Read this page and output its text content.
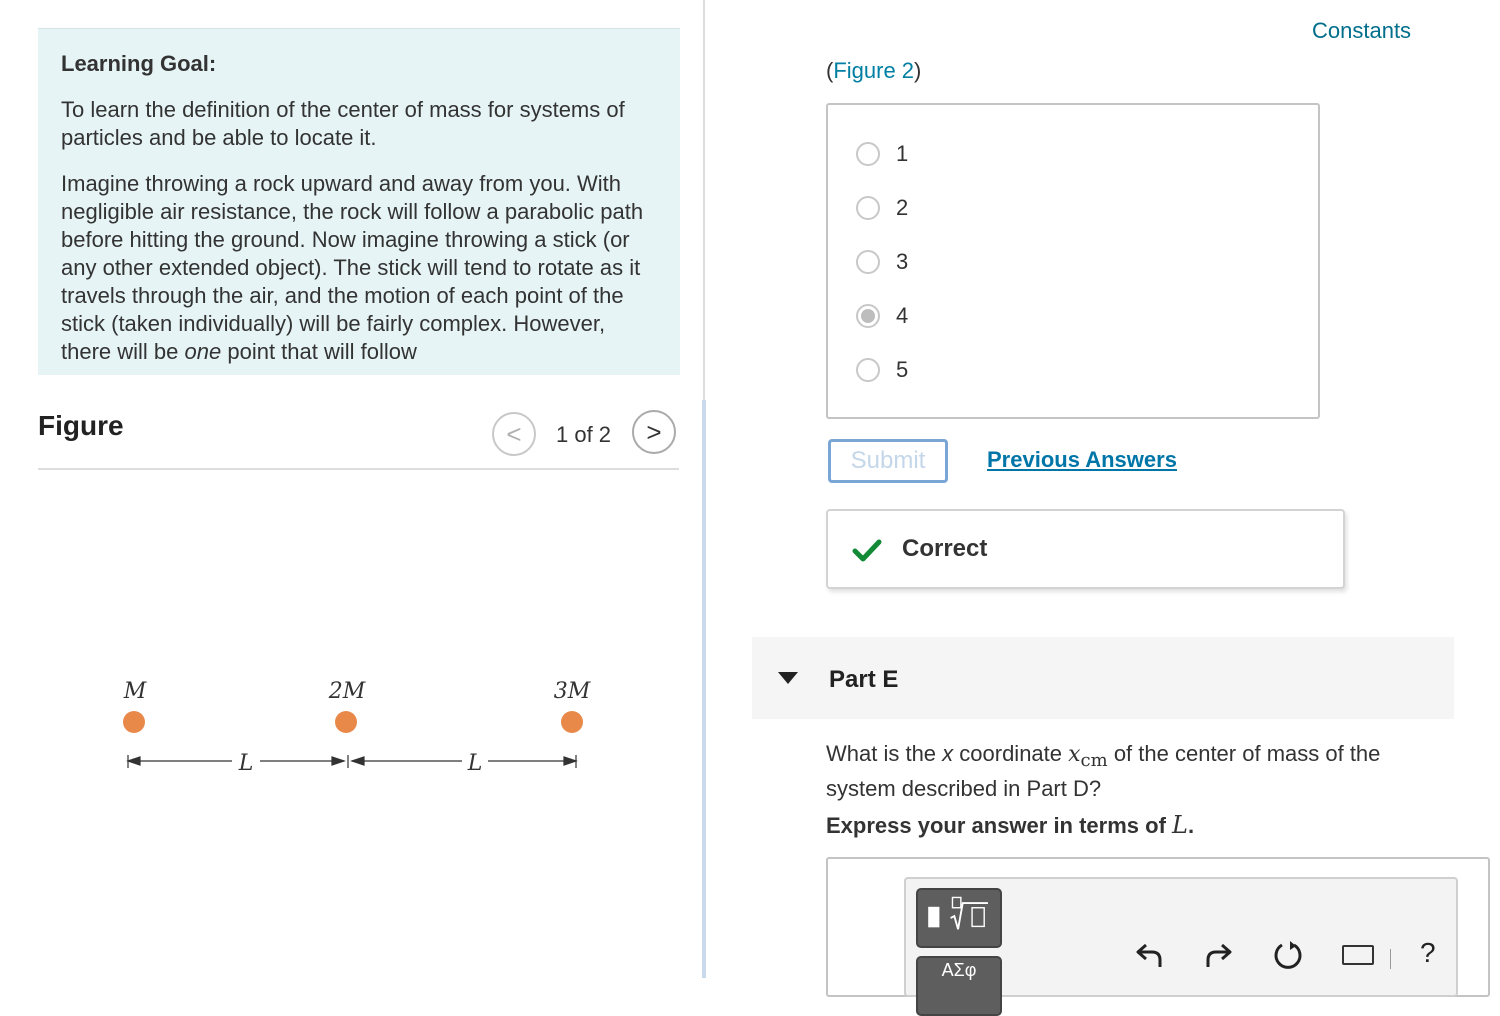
Learning Goal:

To learn the definition of the center of mass for systems of particles and be able to locate it.

Imagine throwing a rock upward and away from you. With negligible air resistance, the rock will follow a parabolic path before hitting the ground. Now imagine throwing a stick (or any other extended object). The stick will tend to rotate as it travels through the air, and the motion of each point of the stick (taken individually) will be fairly complex. However, there will be one point that will follow

Figure	< 1 of 2 >
M	2M	3M
L	L
Constants
(Figure 2)
1
2
3
4
5
Submit	Previous Answers
Correct
Part E
What is the x coordinate $x_{cm}$ of the center of mass of the system described in Part D?
Express your answer in terms of L.
ΑΣφ
?
